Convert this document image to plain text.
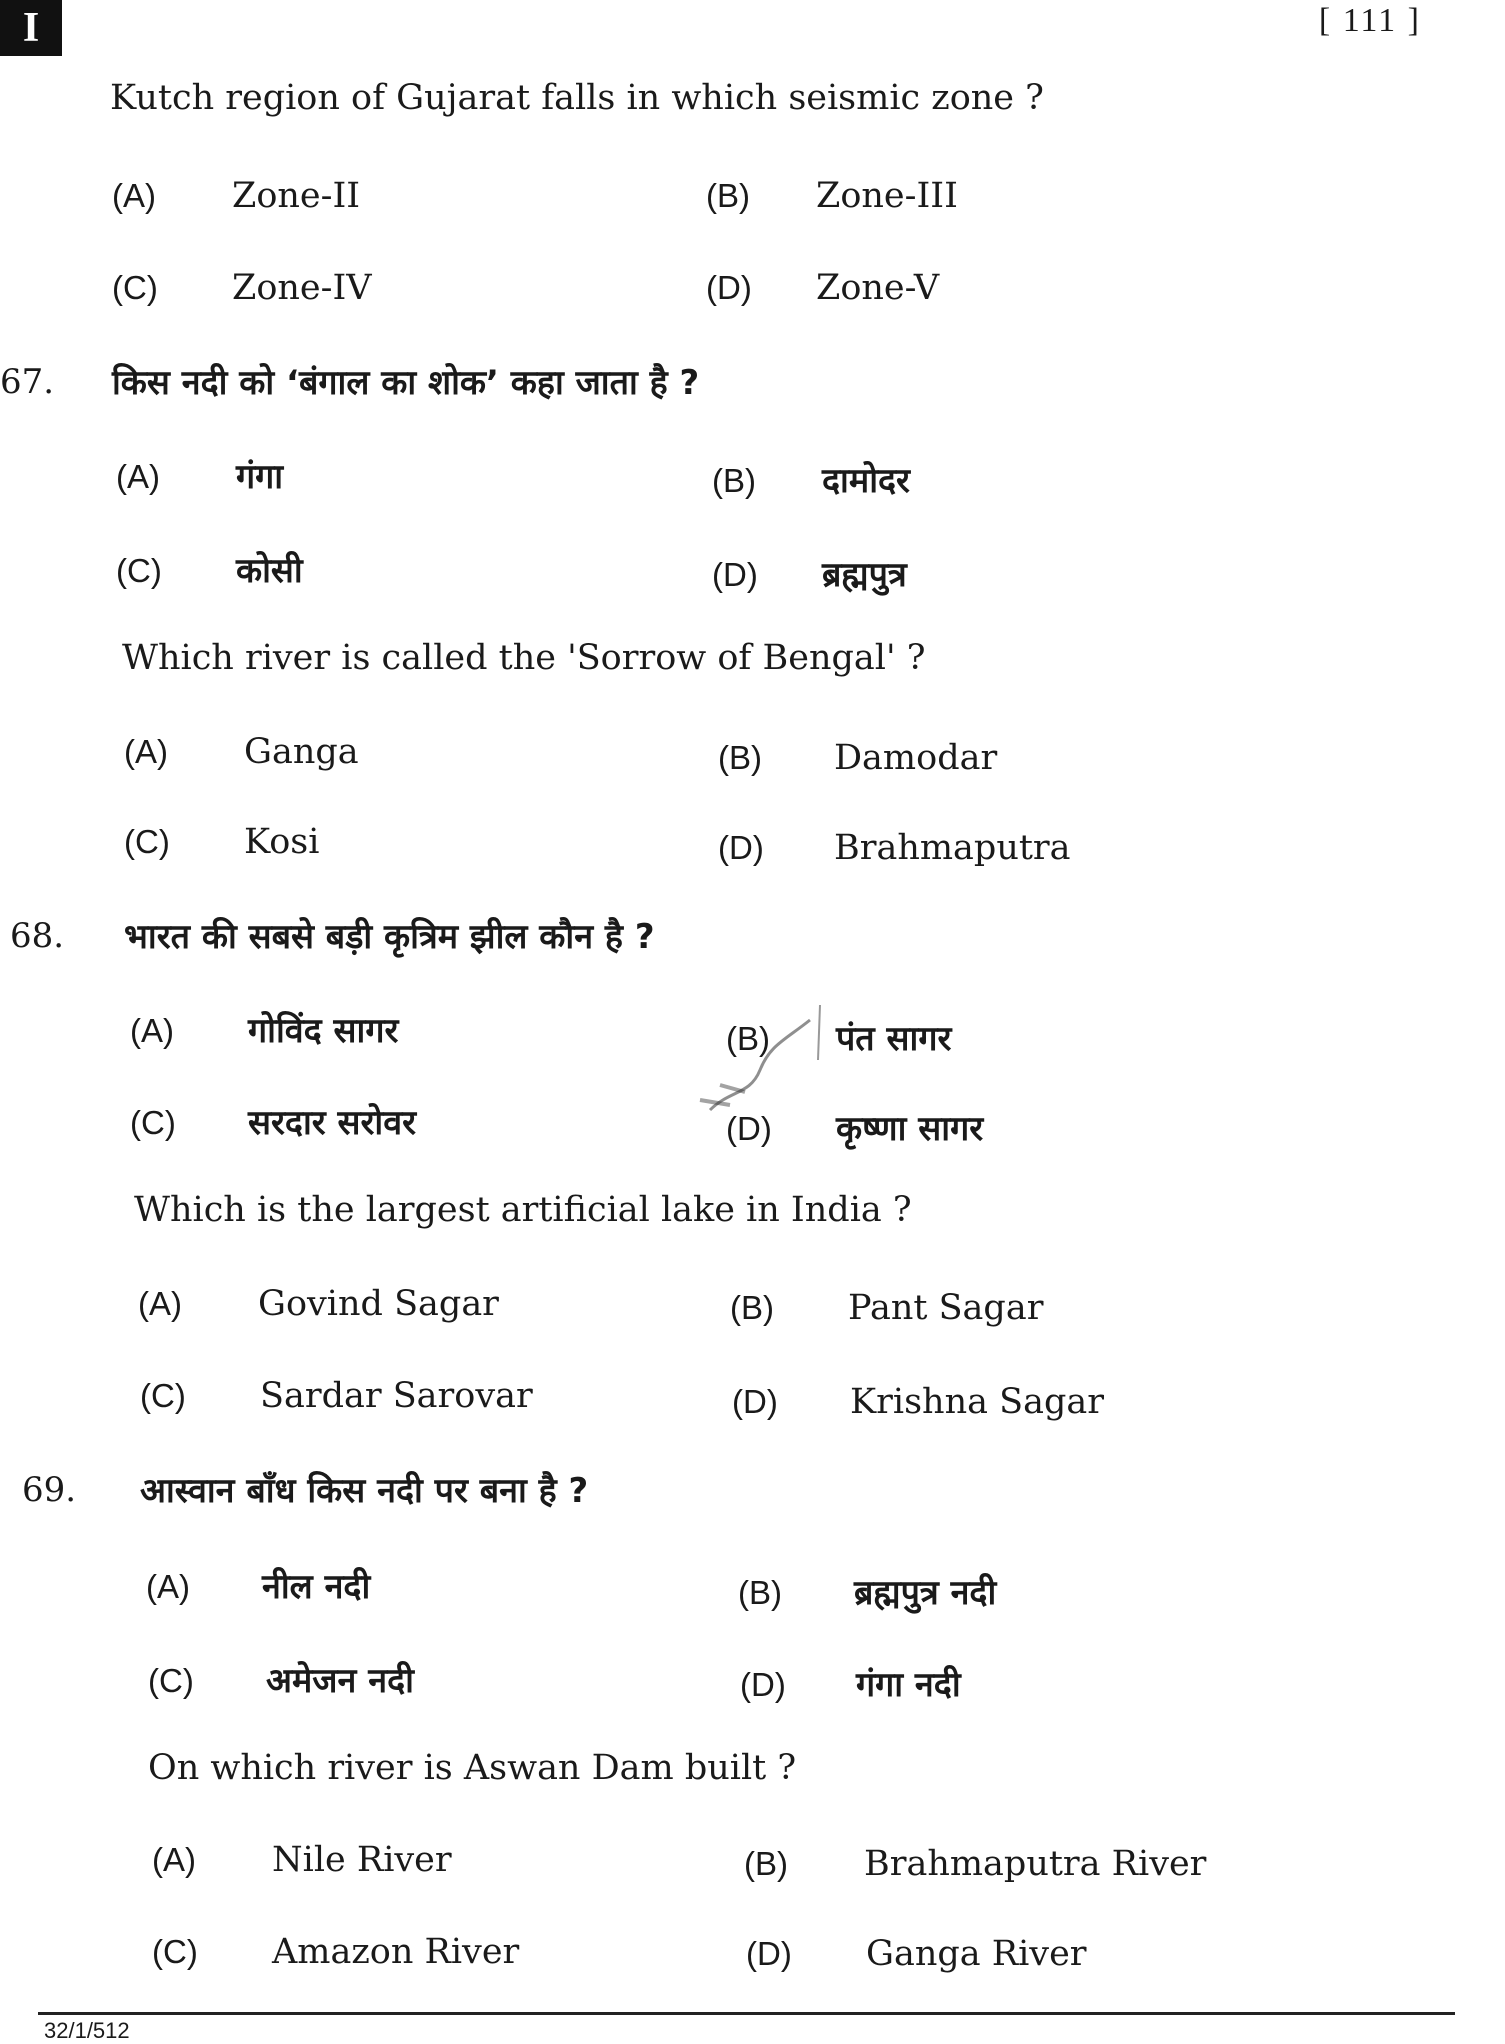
I	[ 111 ]
Kutch region of Gujarat falls in which seismic zone ?
(A) Zone-II	(B) Zone-III
(C) Zone-IV	(D) Zone-V
67. किस नदी को ‘बंगाल का शोक’ कहा जाता है ?
(A) गंगा	(B) दामोदर
(C) कोसी	(D) ब्रह्मपुत्र
Which river is called the 'Sorrow of Bengal' ?
(A) Ganga	(B) Damodar
(C) Kosi	(D) Brahmaputra
68. भारत की सबसे बड़ी कृत्रिम झील कौन है ?
(A) गोविंद सागर	(B) पंत सागर
(C) सरदार सरोवर	(D) कृष्णा सागर
Which is the largest artificial lake in India ?
(A) Govind Sagar	(B) Pant Sagar
(C) Sardar Sarovar	(D) Krishna Sagar
69. आस्वान बाँध किस नदी पर बना है ?
(A) नील नदी	(B) ब्रह्मपुत्र नदी
(C) अमेजन नदी	(D) गंगा नदी
On which river is Aswan Dam built ?
(A) Nile River	(B) Brahmaputra River
(C) Amazon River	(D) Ganga River
32/1/512
